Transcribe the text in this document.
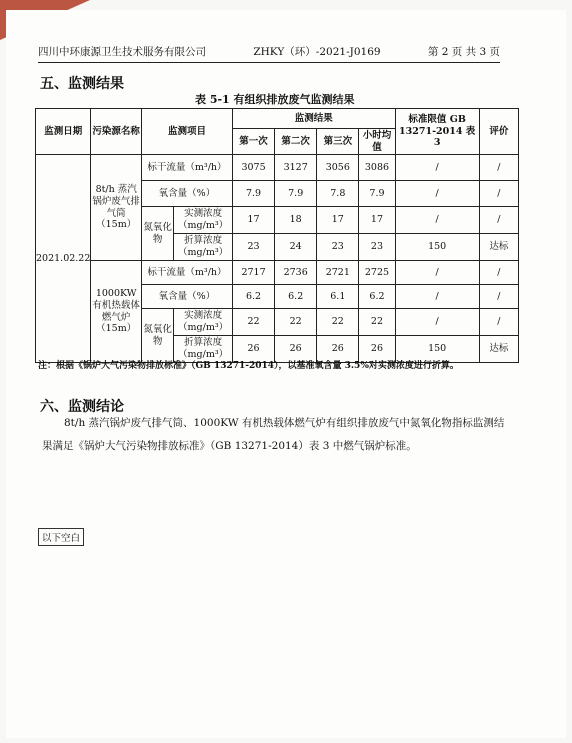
四川中环康源卫生技术服务有限公司	ZHKY（环）-2021-J0169	第 2 页 共 3 页
五、监测结果
表 5-1 有组织排放废气监测结果
监测日期	污染源名称	监测项目		监测结果				标准限值 GB 13271-2014 表 3	评价
				第一次	第二次	第三次	小时均值		
2021.02.22	8t/h 蒸汽锅炉废气排气筒（15m）	标干流量（m³/h）		3075	3127	3056	3086	/	/
		氧含量（%）		7.9	7.9	7.8	7.9	/	/
		氮氧化物	实测浓度（mg/m³）	17	18	17	17	/	/
			折算浓度（mg/m³）	23	24	23	23	150	达标
	1000KW 有机热载体燃气炉（15m）	标干流量（m³/h）		2717	2736	2721	2725	/	/
		氧含量（%）		6.2	6.2	6.1	6.2	/	/
		氮氧化物	实测浓度（mg/m³）	22	22	22	22	/	/
			折算浓度（mg/m³）	26	26	26	26	150	达标
注：根据《锅炉大气污染物排放标准》（GB 13271-2014），以基准氧含量 3.5%对实测浓度进行折算。
六、监测结论
8t/h 蒸汽锅炉废气排气筒、1000KW 有机热载体燃气炉有组织排放废气中氮氧化物指标监测结果满足《锅炉大气污染物排放标准》（GB 13271-2014）表 3 中燃气锅炉标准。
以下空白
